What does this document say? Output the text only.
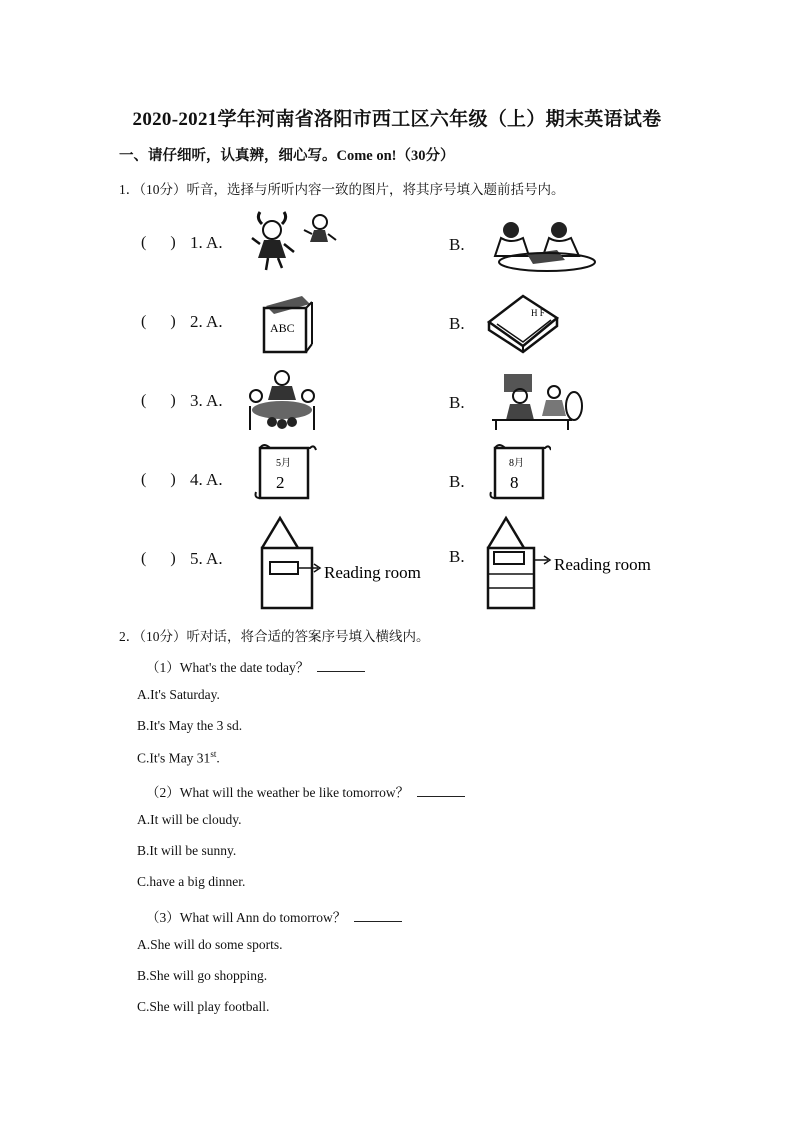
2020-2021学年河南省洛阳市西工区六年级（上）期末英语试卷
一、请仔细听，认真辨，细心写。Come on!（30分）
1．（10分）听音，选择与所听内容一致的图片，将其序号填入题前括号内。
( ) 1. A.	B.
( ) 2. A.	ABC	B.
H F
( ) 3. A.	B.
( ) 4. A.
5月
2	B.
8月
8
( ) 5. A.
Reading room
B.	Reading room
2．（10分）听对话，将合适的答案序号填入横线内。
（1）What's the date today？
A.It's Saturday.
B.It's May the 3 sd.
C.It's May 31st.
（2）What will the weather be like tomorrow？
A.It will be cloudy.
B.It will be sunny.
C.have a big dinner.
（3）What will Ann do tomorrow？
A.She will do some sports.
B.She will go shopping.
C.She will play football.
